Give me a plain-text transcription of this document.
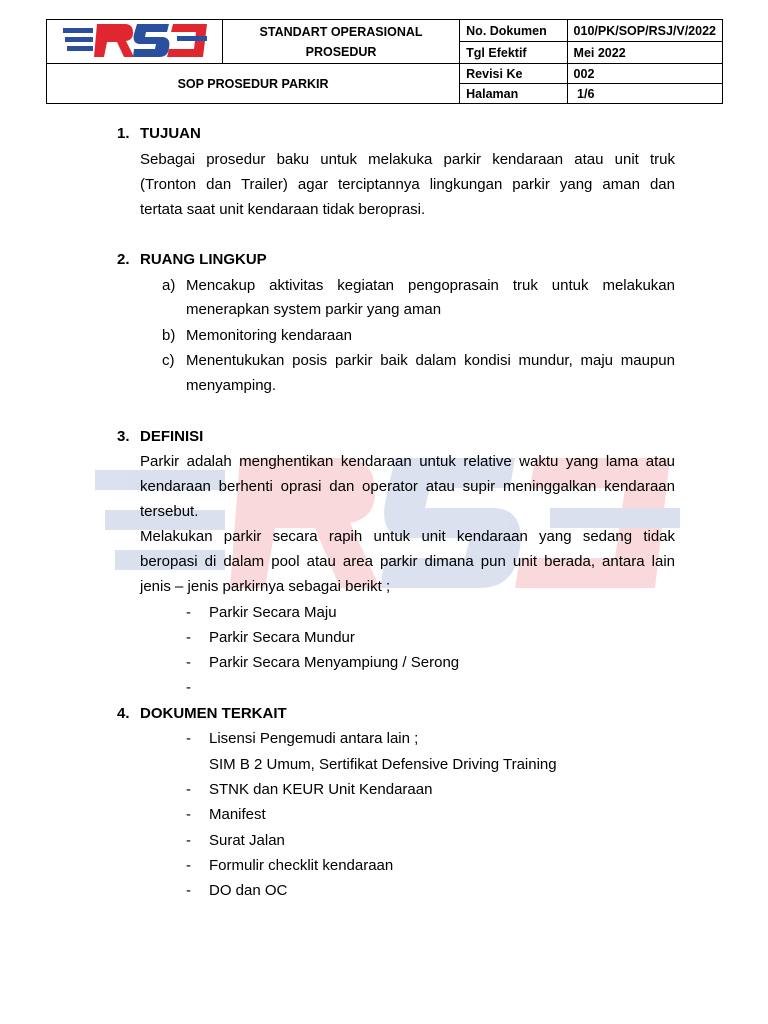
STANDART OPERASIONAL
PROSEDUR	No. Dokumen	010/PK/SOP/RSJ/V/2022
		Tgl Efektif	Mei 2022
SOP PROSEDUR PARKIR		Revisi Ke	002
		Halaman	1/6
1. TUJUAN
Sebagai prosedur baku untuk melakuka parkir kendaraan atau unit truk
(Tronton dan Trailer) agar terciptannya lingkungan parkir yang aman dan
tertata saat unit kendaraan tidak beroprasi.
2. RUANG LINGKUP
a) Mencakup aktivitas kegiatan pengoprasain truk untuk melakukan
menerapkan system parkir yang aman
b) Memonitoring kendaraan
c) Menentukukan posis parkir baik dalam kondisi mundur, maju maupun
menyamping.
3. DEFINISI
Parkir adalah menghentikan kendaraan untuk relative waktu yang lama atau
kendaraan berhenti oprasi dan operator atau supir meninggalkan kendaraan
tersebut.
Melakukan parkir secara rapih untuk unit kendaraan yang sedang tidak
beropasi di dalam pool atau area parkir dimana pun unit berada, antara lain
jenis – jenis parkirnya sebagai berikt ;
- Parkir Secara Maju
- Parkir Secara Mundur
- Parkir Secara Menyampiung / Serong
-
4. DOKUMEN TERKAIT
- Lisensi Pengemudi antara lain ;
SIM B 2 Umum, Sertifikat Defensive Driving Training
- STNK dan KEUR Unit Kendaraan
- Manifest
- Surat Jalan
- Formulir checklit kendaraan
- DO dan OC
